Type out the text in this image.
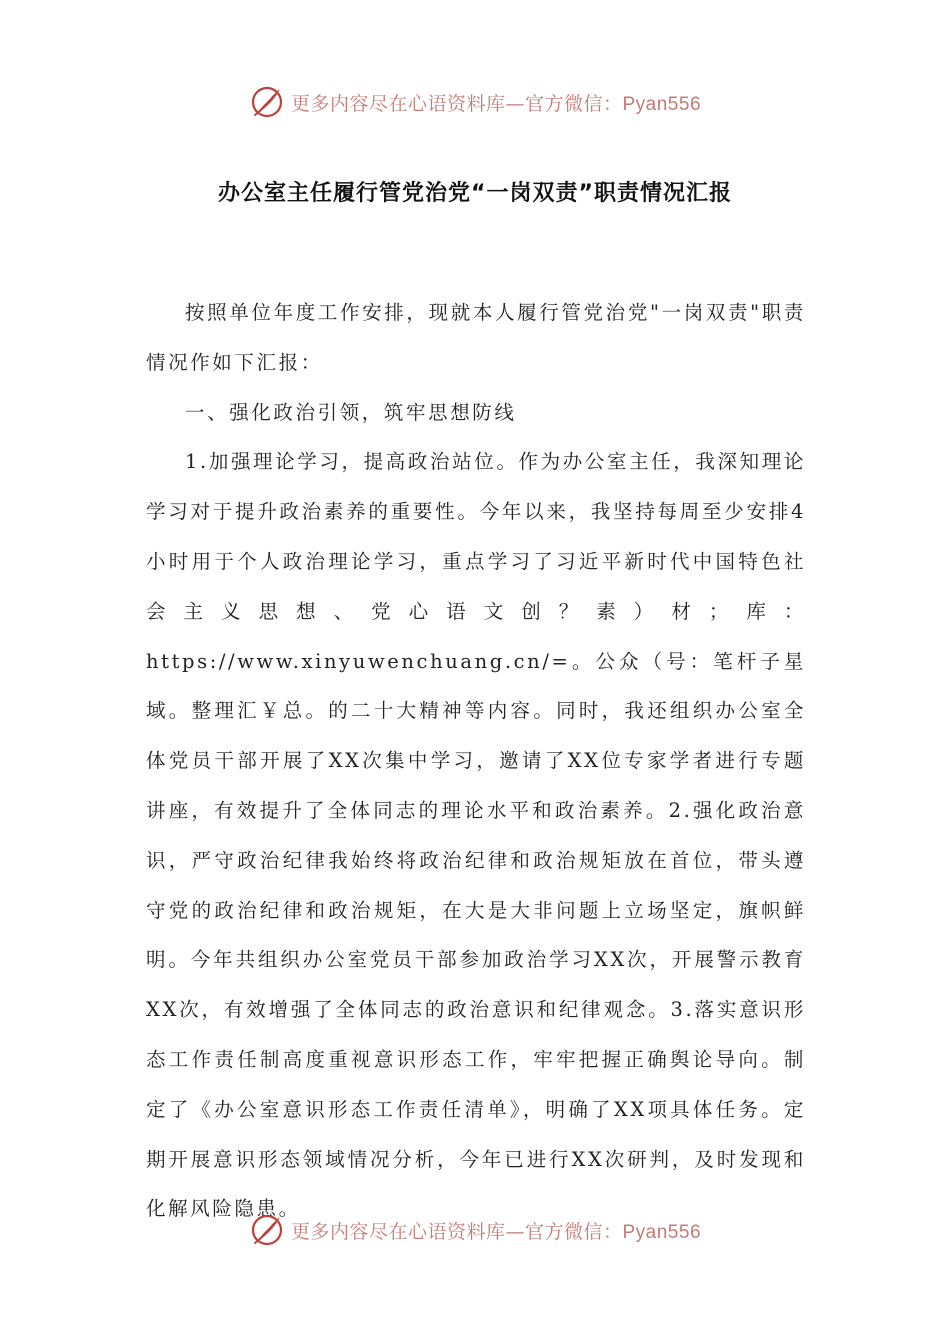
更多内容尽在心语资料库—官方微信：Pyan556
办公室主任履行管党治党“一岗双责”职责情况汇报

按照单位年度工作安排，现就本人履行管党治党"一岗双责"职责情况作如下汇报：

一、强化政治引领，筑牢思想防线

1.加强理论学习，提高政治站位。作为办公室主任，我深知理论学习对于提升政治素养的重要性。今年以来，我坚持每周至少安排4小时用于个人政治理论学习，重点学习了习近平新时代中国特色社会主义思想、党心语文创？素）材；库：https://www.xinyuwenchuang.cn/=。公众（号：笔杆子星域。整理汇￥总。的二十大精神等内容。同时，我还组织办公室全体党员干部开展了XX次集中学习，邀请了XX位专家学者进行专题讲座，有效提升了全体同志的理论水平和政治素养。2.强化政治意识，严守政治纪律我始终将政治纪律和政治规矩放在首位，带头遵守党的政治纪律和政治规矩，在大是大非问题上立场坚定，旗帜鲜明。今年共组织办公室党员干部参加政治学习XX次，开展警示教育XX次，有效增强了全体同志的政治意识和纪律观念。3.落实意识形态工作责任制高度重视意识形态工作，牢牢把握正确舆论导向。制定了《办公室意识形态工作责任清单》，明确了XX项具体任务。定期开展意识形态领域情况分析，今年已进行XX次研判，及时发现和化解风险隐患。

更多内容尽在心语资料库—官方微信：Pyan556
